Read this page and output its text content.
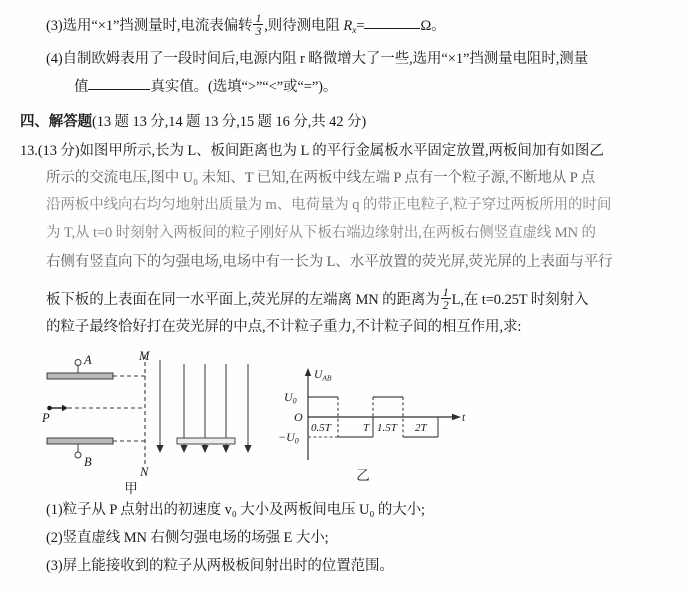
(3)选用“×1”挡测量时,电流表偏转 $\frac{1}{3}$ ,则待测电阻 $R_x=$	Ω。
(4)自制欧姆表用了一段时间后,电源内阻 r 略微增大了一些,选用“×1”挡测量电阻时,测量
值	真实值。(选填“>”“<”或“=”)。
四、解答题(13 题 13 分,14 题 13 分,15 题 16 分,共 42 分)
13.(13 分)如图甲所示,长为 L、板间距离也为 L 的平行金属板水平固定放置,两板间加有如图乙
所示的交流电压,图中 U₀ 未知、T 已知,在两板中线左端 P 点有一个粒子源,不断地从 P 点
沿两板中线向右均匀地射出质量为 m、电荷量为 q 的带正电粒子,粒子穿过两板所用的时间
为 T,从 t=0 时刻射入两板间的粒子刚好从下板右端边缘射出,在两板右侧竖直虚线 MN 的
右侧有竖直向下的匀强电场,电场中有一长为 L、水平放置的荧光屏,荧光屏的上表面与平行
板下板的上表面在同一水平面上,荧光屏的左端离 MN 的距离为 $\frac{1}{2} L$,在 t=0.25T 时刻射入
的粒子最终恰好打在荧光屏的中点,不计粒子重力,不计粒子间的相互作用,求:
A
B
P
M
N
甲
$U_{AB}$
t
O
$U_0$
$-U_0$
0.5T	T 1.5T 2T
乙
(1)粒子从 P 点射出的初速度 v₀ 大小及两板间电压 U₀ 的大小;
(2)竖直虚线 MN 右侧匀强电场的场强 E 大小;
(3)屏上能接收到的粒子从两极板间射出时的位置范围。
